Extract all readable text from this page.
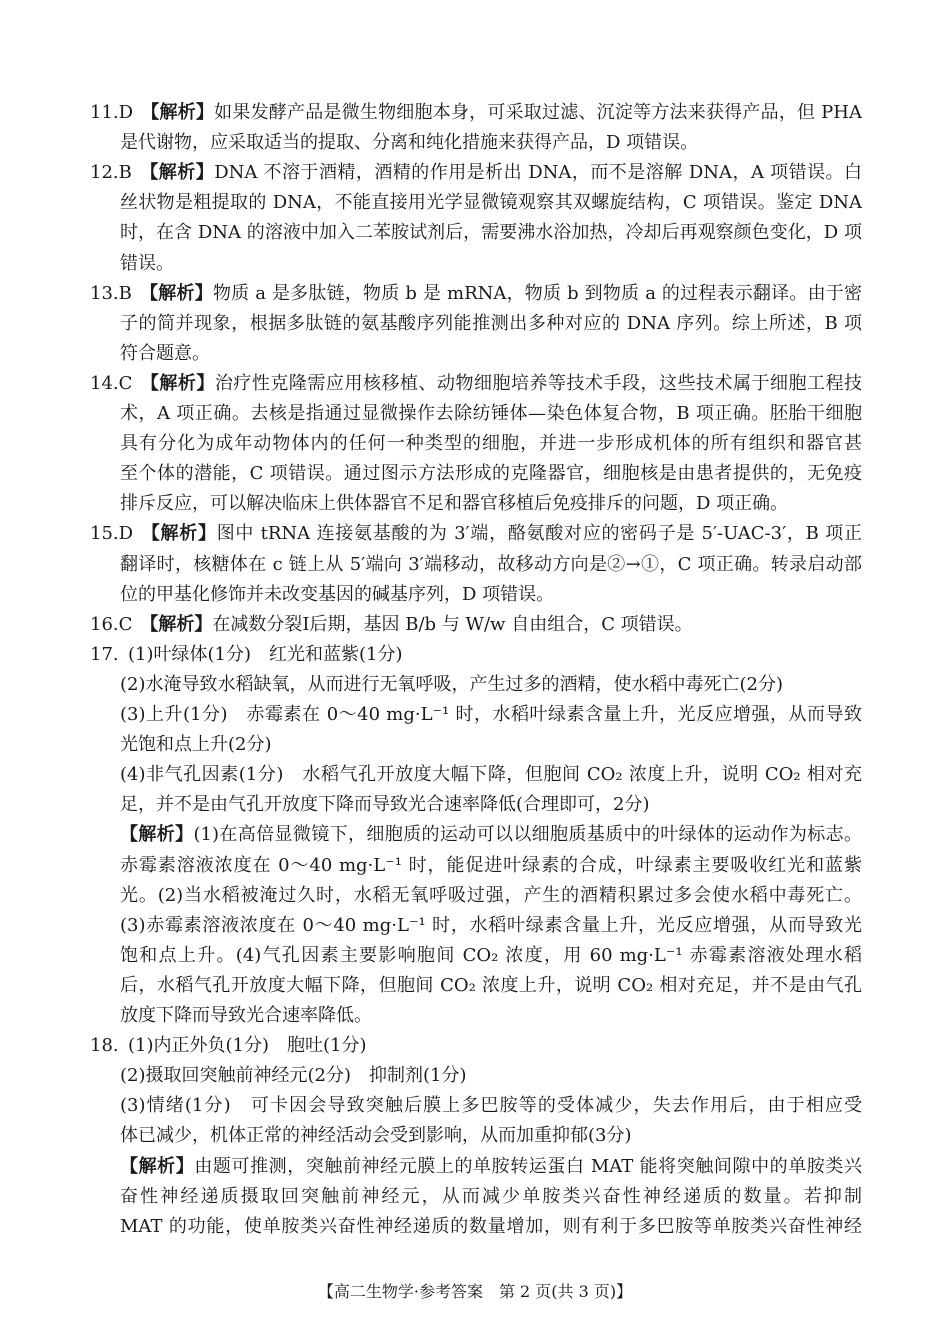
11.D 【解析】如果发酵产品是微生物细胞本身，可采取过滤、沉淀等方法来获得产品，但 PHA
是代谢物，应采取适当的提取、分离和纯化措施来获得产品，D 项错误。
12.B 【解析】DNA 不溶于酒精，酒精的作用是析出 DNA，而不是溶解 DNA，A 项错误。白
丝状物是粗提取的 DNA，不能直接用光学显微镜观察其双螺旋结构，C 项错误。鉴定 DNA
时，在含 DNA 的溶液中加入二苯胺试剂后，需要沸水浴加热，冷却后再观察颜色变化，D 项
错误。
13.B 【解析】物质 a 是多肽链，物质 b 是 mRNA，物质 b 到物质 a 的过程表示翻译。由于密
子的简并现象，根据多肽链的氨基酸序列能推测出多种对应的 DNA 序列。综上所述，B 项
符合题意。
14.C 【解析】治疗性克隆需应用核移植、动物细胞培养等技术手段，这些技术属于细胞工程技
术，A 项正确。去核是指通过显微操作去除纺锤体—染色体复合物，B 项正确。胚胎干细胞
具有分化为成年动物体内的任何一种类型的细胞，并进一步形成机体的所有组织和器官甚
至个体的潜能，C 项错误。通过图示方法形成的克隆器官，细胞核是由患者提供的，无免疫
排斥反应，可以解决临床上供体器官不足和器官移植后免疫排斥的问题，D 项正确。
15.D 【解析】图中 tRNA 连接氨基酸的为 3′端，酪氨酸对应的密码子是 5′-UAC-3′，B 项正
翻译时，核糖体在 c 链上从 5′端向 3′端移动，故移动方向是②→①，C 项正确。转录启动部
位的甲基化修饰并未改变基因的碱基序列，D 项错误。
16.C 【解析】在减数分裂Ⅰ后期，基因 B/b 与 W/w 自由组合，C 项错误。
17. (1)叶绿体(1分)　红光和蓝紫(1分)
(2)水淹导致水稻缺氧，从而进行无氧呼吸，产生过多的酒精，使水稻中毒死亡(2分)
(3)上升(1分)　赤霉素在 0～40 mg·L⁻¹ 时，水稻叶绿素含量上升，光反应增强，从而导致
光饱和点上升(2分)
(4)非气孔因素(1分)　水稻气孔开放度大幅下降，但胞间 CO₂ 浓度上升，说明 CO₂ 相对充
足，并不是由气孔开放度下降而导致光合速率降低(合理即可，2分)
【解析】(1)在高倍显微镜下，细胞质的运动可以以细胞质基质中的叶绿体的运动作为标志。
赤霉素溶液浓度在 0～40 mg·L⁻¹ 时，能促进叶绿素的合成，叶绿素主要吸收红光和蓝紫
光。(2)当水稻被淹过久时，水稻无氧呼吸过强，产生的酒精积累过多会使水稻中毒死亡。
(3)赤霉素溶液浓度在 0～40 mg·L⁻¹ 时，水稻叶绿素含量上升，光反应增强，从而导致光
饱和点上升。(4)气孔因素主要影响胞间 CO₂ 浓度，用 60 mg·L⁻¹ 赤霉素溶液处理水稻
后，水稻气孔开放度大幅下降，但胞间 CO₂ 浓度上升，说明 CO₂ 相对充足，并不是由气孔
放度下降而导致光合速率降低。
18. (1)内正外负(1分)　胞吐(1分)
(2)摄取回突触前神经元(2分)　抑制剂(1分)
(3)情绪(1分)　可卡因会导致突触后膜上多巴胺等的受体减少，失去作用后，由于相应受
体已减少，机体正常的神经活动会受到影响，从而加重抑郁(3分)
【解析】由题可推测，突触前神经元膜上的单胺转运蛋白 MAT 能将突触间隙中的单胺类兴
奋性神经递质摄取回突触前神经元，从而减少单胺类兴奋性神经递质的数量。若抑制
MAT 的功能，使单胺类兴奋性神经递质的数量增加，则有利于多巴胺等单胺类兴奋性神经
【高二生物学·参考答案　第 2 页(共 3 页)】
